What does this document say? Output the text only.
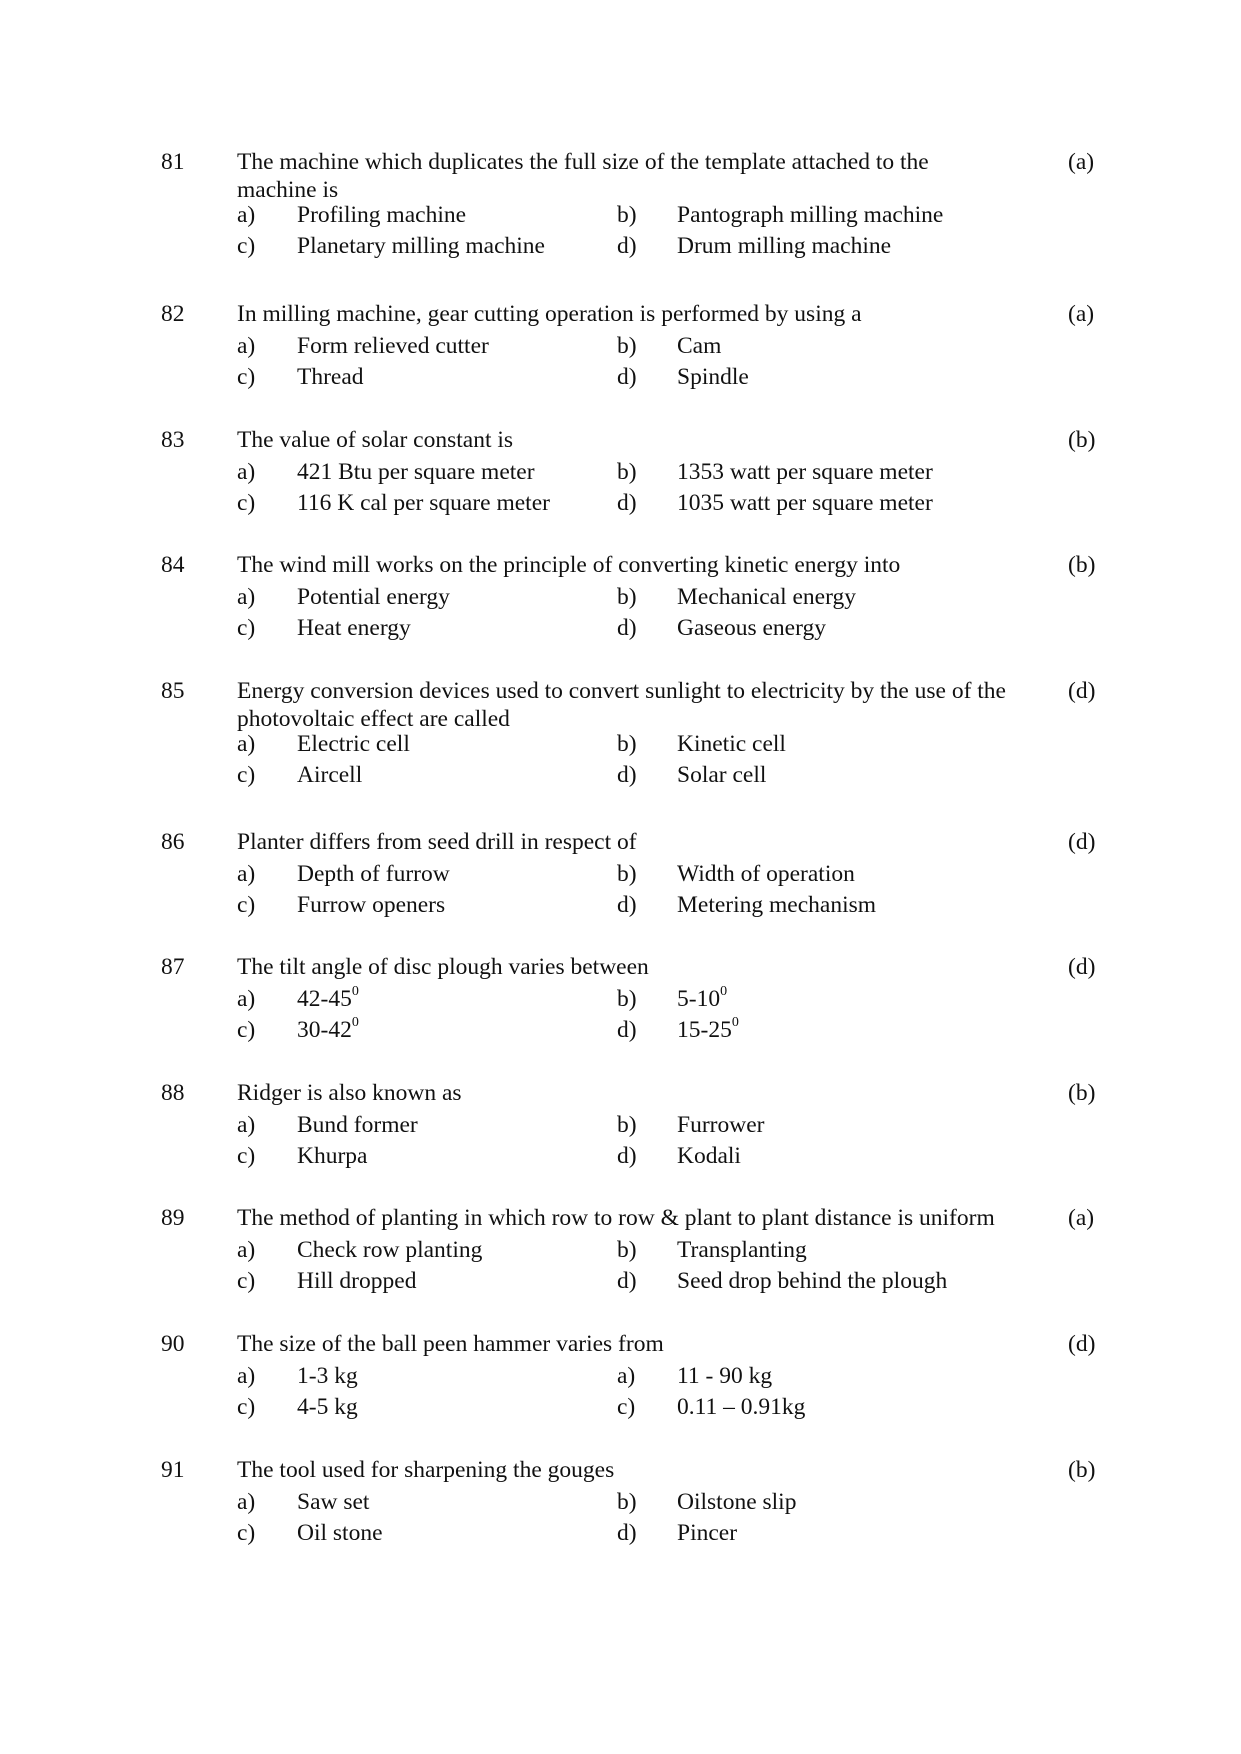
81 The machine which duplicates the full size of the template attached to the machine is
(a)
a) Profiling machine	b) Pantograph milling machine
c) Planetary milling machine	d) Drum milling machine
82 In milling machine, gear cutting operation is performed by using a	(a)
a) Form relieved cutter	b) Cam
c) Thread	d) Spindle
83 The value of solar constant is	(b)
a) 421 Btu per square meter	b) 1353 watt per square meter
c) 116 K cal per square meter	d) 1035 watt per square meter
84 The wind mill works on the principle of converting kinetic energy into	(b)
a) Potential energy	b) Mechanical energy
c) Heat energy	d) Gaseous energy
85 Energy conversion devices used to convert sunlight to electricity by the use of the photovoltaic effect are called
(d)
a) Electric cell	b) Kinetic cell
c) Aircell	d) Solar cell
86 Planter differs from seed drill in respect of	(d)
a) Depth of furrow	b) Width of operation
c) Furrow openers	d) Metering mechanism
87 The tilt angle of disc plough varies between	(d)
a) $42-45^0$	b) $5-10^0$
c) $30-42^0$	d) $15-25^0$
88 Ridger is also known as	(b)
a) Bund former	b) Furrower
c) Khurpa	d) Kodali
89 The method of planting in which row to row & plant to plant distance is uniform	(a)
a) Check row planting	b) Transplanting
c) Hill dropped	d) Seed drop behind the plough
90 The size of the ball peen hammer varies from	(d)
a) 1-3 kg	a) 11 - 90 kg
c) 4-5 kg	c) 0.11 – 0.91kg
91 The tool used for sharpening the gouges	(b)
a) Saw set	b) Oilstone slip
c) Oil stone	d) Pincer
